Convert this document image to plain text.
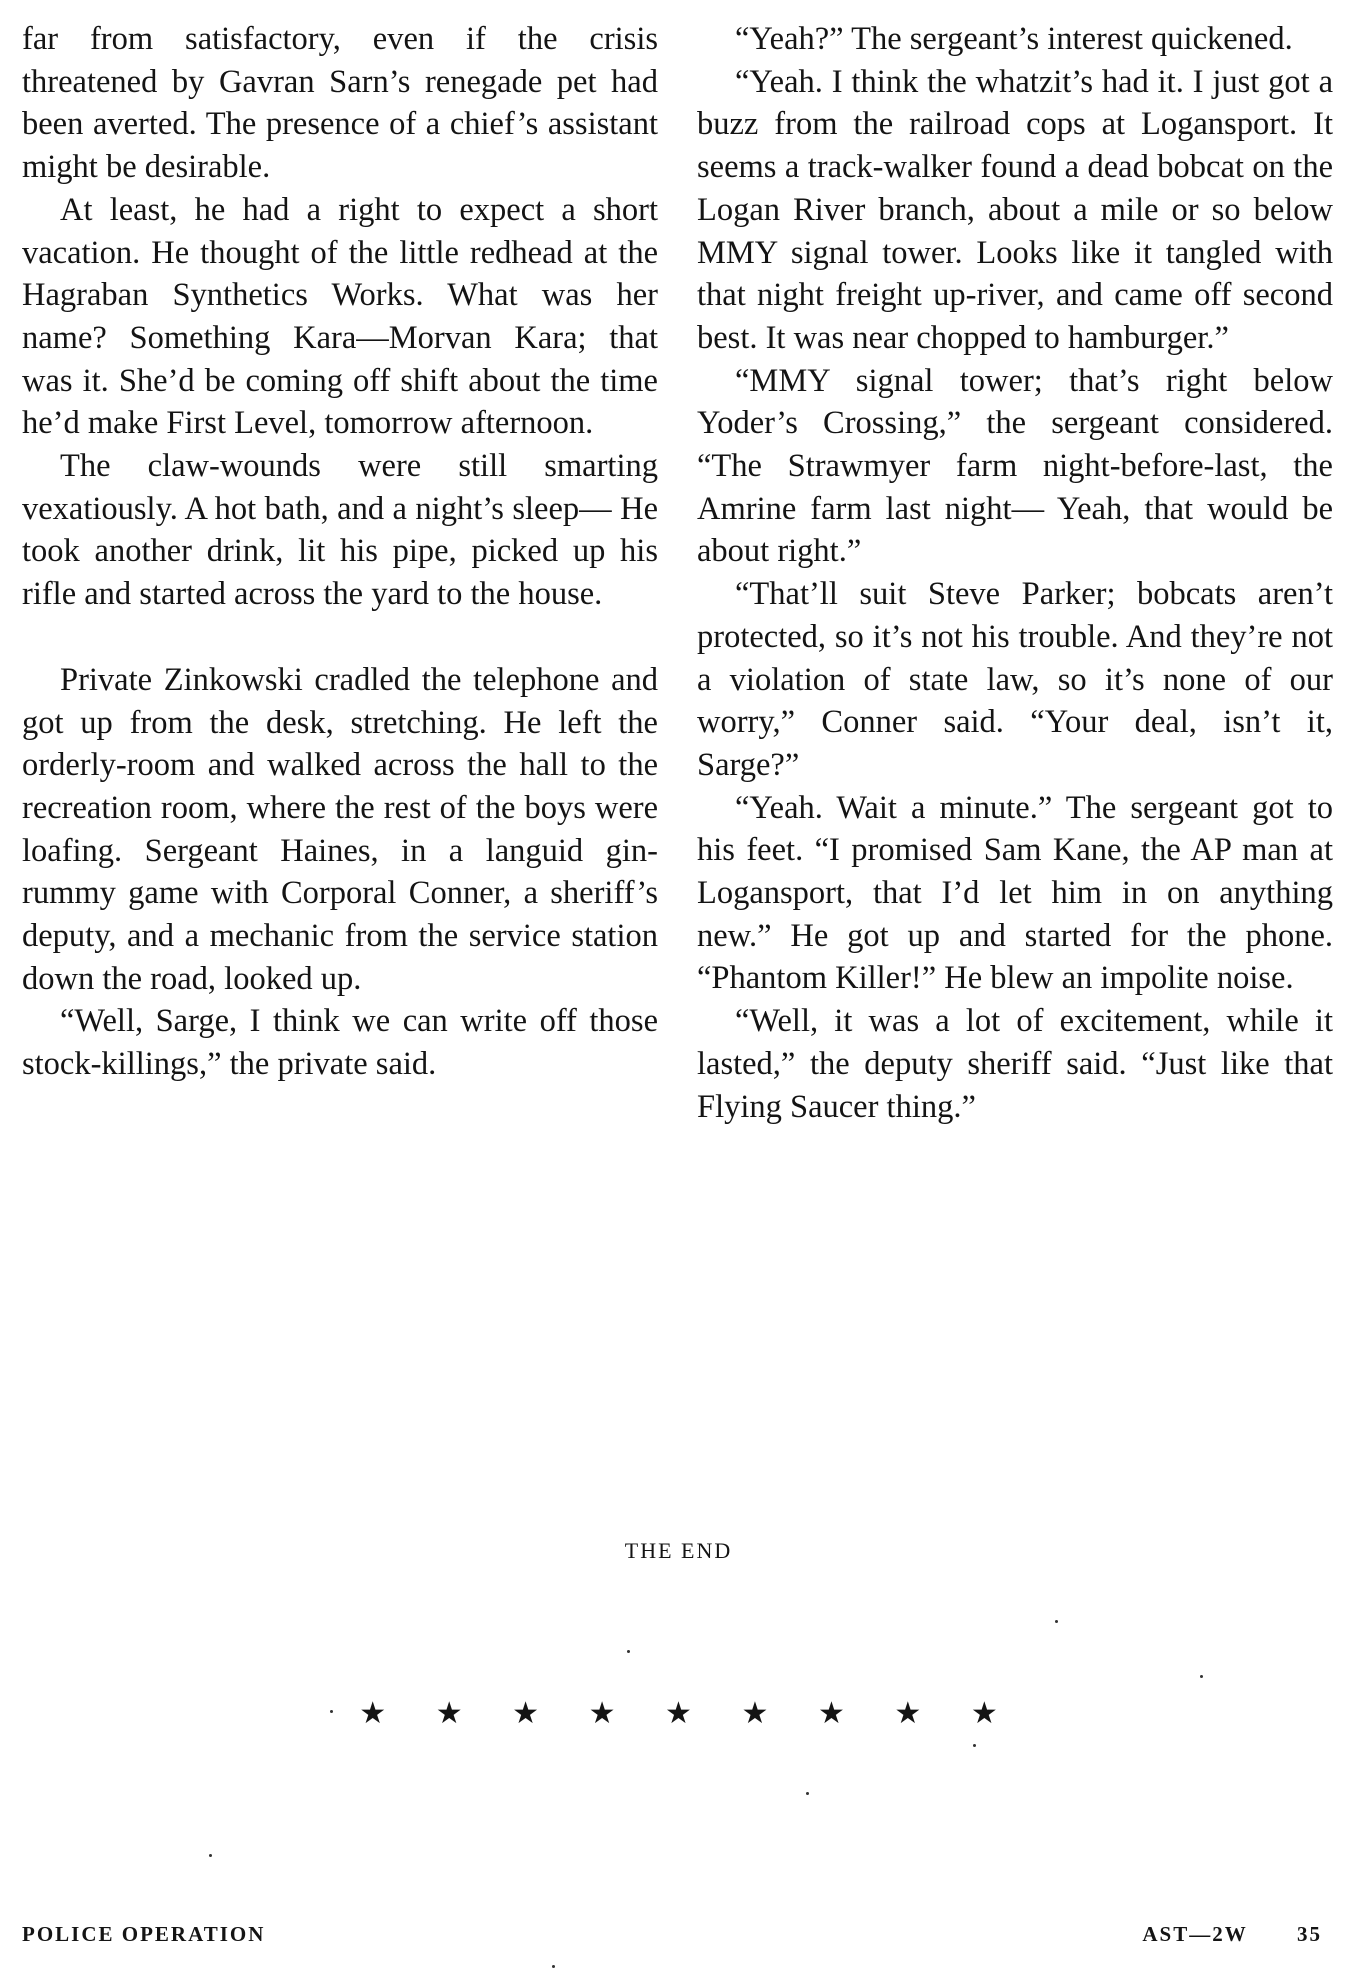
far from satisfactory, even if the crisis threatened by Gavran Sarn’s renegade pet had been averted. The presence of a chief’s assistant might be desirable.

At least, he had a right to expect a short vacation. He thought of the little redhead at the Hagraban Synthetics Works. What was her name? Something Kara—Morvan Kara; that was it. She’d be coming off shift about the time he’d make First Level, tomorrow afternoon.

The claw-wounds were still smarting vexatiously. A hot bath, and a night’s sleep— He took another drink, lit his pipe, picked up his rifle and started across the yard to the house.

Private Zinkowski cradled the telephone and got up from the desk, stretching. He left the orderly-room and walked across the hall to the recreation room, where the rest of the boys were loafing. Sergeant Haines, in a languid gin-rummy game with Corporal Conner, a sheriff’s deputy, and a mechanic from the service station down the road, looked up.

“Well, Sarge, I think we can write off those stock-killings,” the private said.

“Yeah?” The sergeant’s interest quickened.

“Yeah. I think the whatzit’s had it. I just got a buzz from the railroad cops at Logansport. It seems a track-walker found a dead bobcat on the Logan River branch, about a mile or so below MMY signal tower. Looks like it tangled with that night freight up-river, and came off second best. It was near chopped to hamburger.”

“MMY signal tower; that’s right below Yoder’s Crossing,” the sergeant considered. “The Strawmyer farm night-before-last, the Amrine farm last night— Yeah, that would be about right.”

“That’ll suit Steve Parker; bobcats aren’t protected, so it’s not his trouble. And they’re not a violation of state law, so it’s none of our worry,” Conner said. “Your deal, isn’t it, Sarge?”

“Yeah. Wait a minute.” The sergeant got to his feet. “I promised Sam Kane, the AP man at Logansport, that I’d let him in on anything new.” He got up and started for the phone. “Phantom Killer!” He blew an impolite noise.

“Well, it was a lot of excitement, while it lasted,” the deputy sheriff said. “Just like that Flying Saucer thing.”

THE END
★ ★ ★ ★ ★ ★ ★ ★ ★
POLICE OPERATION	AST—2W 35
